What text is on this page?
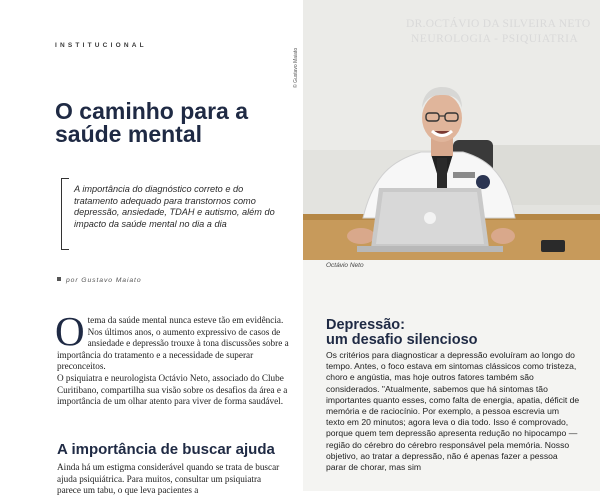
INSTITUCIONAL
O caminho para a saúde mental
A importância do diagnóstico correto e do tratamento adequado para transtornos como depressão, ansiedade, TDAH e autismo, além do impacto da saúde mental no dia a dia
por Gustavo Maiato
O tema da saúde mental nunca esteve tão em evidência. Nos últimos anos, o aumento expressivo de casos de ansiedade e depressão trouxe à tona discussões sobre a importância do tratamento e a necessidade de superar preconceitos.

O psiquiatra e neurologista Octávio Neto, associado do Clube Curitibano, compartilha sua visão sobre os desafios da área e a importância de um olhar atento para viver de forma saudável.

A importância de buscar ajuda

Ainda há um estigma considerável quando se trata de buscar ajuda psiquiátrica. Para muitos, consultar um psiquiatra parece um tabu, o que leva pacientes a

DR.OCTÁVIO DA SILVEIRA NETO
NEUROLOGIA - PSIQUIATRIA
© Gustavo Maiato
Octávio Neto
Depressão:
um desafio silencioso

Os critérios para diagnosticar a depressão evoluíram ao longo do tempo. Antes, o foco estava em sintomas clássicos como tristeza, choro e angústia, mas hoje outros fatores também são considerados. "Atualmente, sabemos que há sintomas tão importantes quanto esses, como falta de energia, apatia, déficit de memória e de raciocínio. Por exemplo, a pessoa escrevia um texto em 20 minutos; agora leva o dia todo. Isso é comprovado, porque quem tem depressão apresenta redução no hipocampo — região do cérebro do cérebro responsável pela memória. Nosso objetivo, ao tratar a depressão, não é apenas fazer a pessoa parar de chorar, mas sim
